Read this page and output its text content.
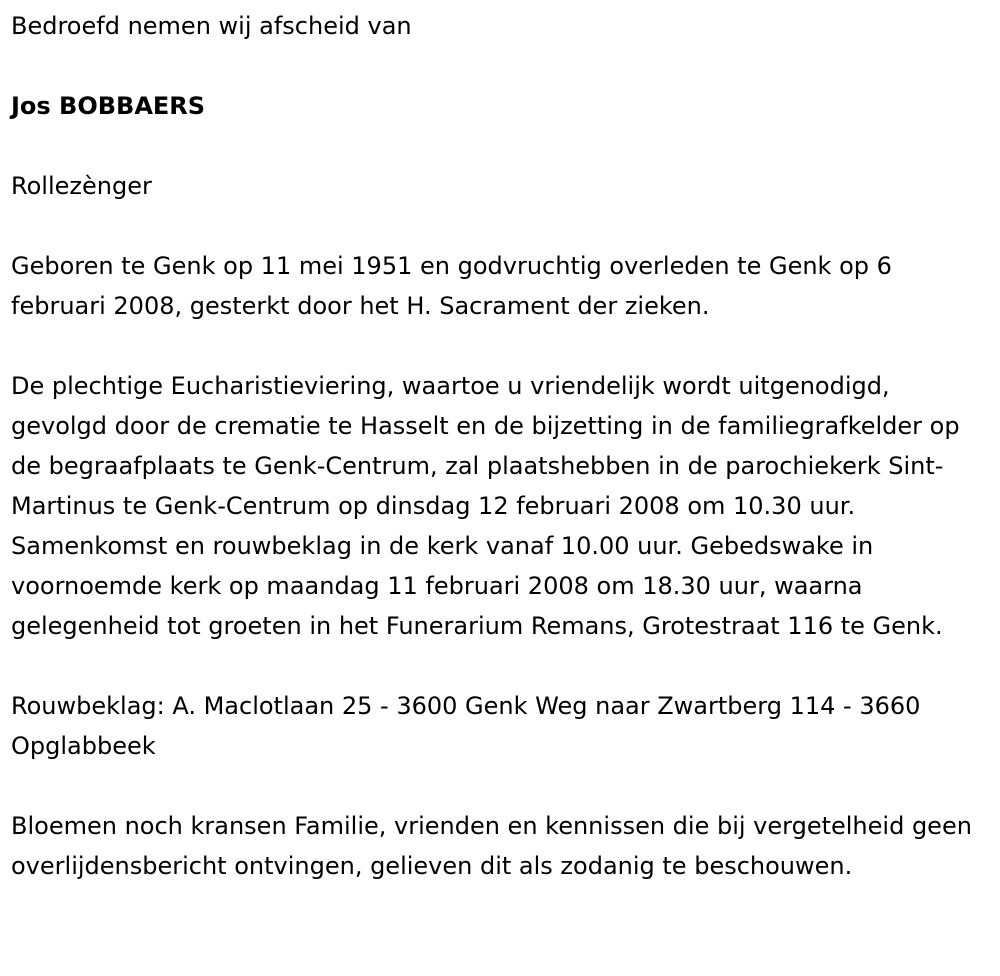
Bedroefd nemen wij afscheid van

Jos BOBBAERS

Rollezènger

Geboren te Genk op 11 mei 1951 en godvruchtig overleden te Genk op 6 februari 2008, gesterkt door het H. Sacrament der zieken.

De plechtige Eucharistieviering, waartoe u vriendelijk wordt uitgenodigd, gevolgd door de crematie te Hasselt en de bijzetting in de familiegrafkelder op de begraafplaats te Genk-Centrum, zal plaatshebben in de parochiekerk Sint-Martinus te Genk-Centrum op dinsdag 12 februari 2008 om 10.30 uur. Samenkomst en rouwbeklag in de kerk vanaf 10.00 uur. Gebedswake in voornoemde kerk op maandag 11 februari 2008 om 18.30 uur, waarna gelegenheid tot groeten in het Funerarium Remans, Grotestraat 116 te Genk.

Rouwbeklag: A. Maclotlaan 25 - 3600 Genk Weg naar Zwartberg 114 - 3660 Opglabbeek

Bloemen noch kransen Familie, vrienden en kennissen die bij vergetelheid geen overlijdensbericht ontvingen, gelieven dit als zodanig te beschouwen.
